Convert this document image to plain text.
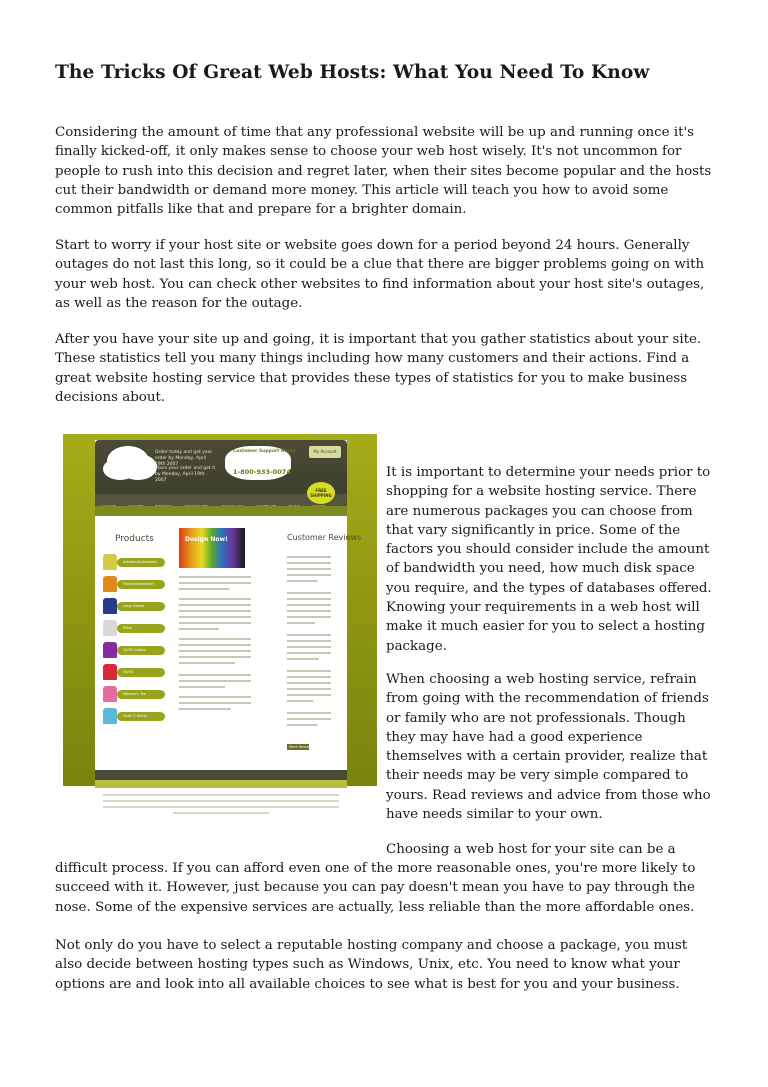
The Tricks Of Great Web Hosts: What You Need To Know

Considering the amount of time that any professional website will be up and running once it's finally kicked-off, it only makes sense to choose your web host wisely. It's not uncommon for people to rush into this decision and regret later, when their sites become popular and the hosts cut their bandwidth or demand more money. This article will teach you how to avoid some common pitfalls like that and prepare for a brighter domain.

Start to worry if your host site or website goes down for a period beyond 24 hours. Generally outages do not last this long, so it could be a clue that there are bigger problems going on with your web host. You can check other websites to find information about your host site's outages, as well as the reason for the outage.

After you have your site up and going, it is important that you gather statistics about your site. These statistics tell you many things including how many customers and their actions. Find a great website hosting service that provides these types of statistics for you to make business decisions about.

Order today and get your order by Monday, April 19th 2007
Place your order and get it by Monday, April 19th 2007
Customer Support Hours
1-800-933-0074
My Account

FREE SHIPPING
Products
Athletic/Activewear
Fleece/Sweatshirt
Long Sleeve
Polos
100% Cotton
50/50
Women's Tee
Youth T-Shirts
Design Now!	Customer Reviews
More Reviews

It is important to determine your needs prior to shopping for a website hosting service. There are numerous packages you can choose from that vary significantly in price. Some of the factors you should consider include the amount of bandwidth you need, how much disk space you require, and the types of databases offered. Knowing your requirements in a web host will make it much easier for you to select a hosting package.

When choosing a web hosting service, refrain from going with the recommendation of friends or family who are not professionals. Though they may have had a good experience themselves with a certain provider, realize that their needs may be very simple compared to yours. Read reviews and advice from those who have needs similar to your own.

Choosing a web host for your site can be a

difficult process. If you can afford even one of the more reasonable ones, you're more likely to succeed with it. However, just because you can pay doesn't mean you have to pay through the nose. Some of the expensive services are actually, less reliable than the more affordable ones.

Not only do you have to select a reputable hosting company and choose a package, you must also decide between hosting types such as Windows, Unix, etc. You need to know what your options are and look into all available choices to see what is best for you and your business.
